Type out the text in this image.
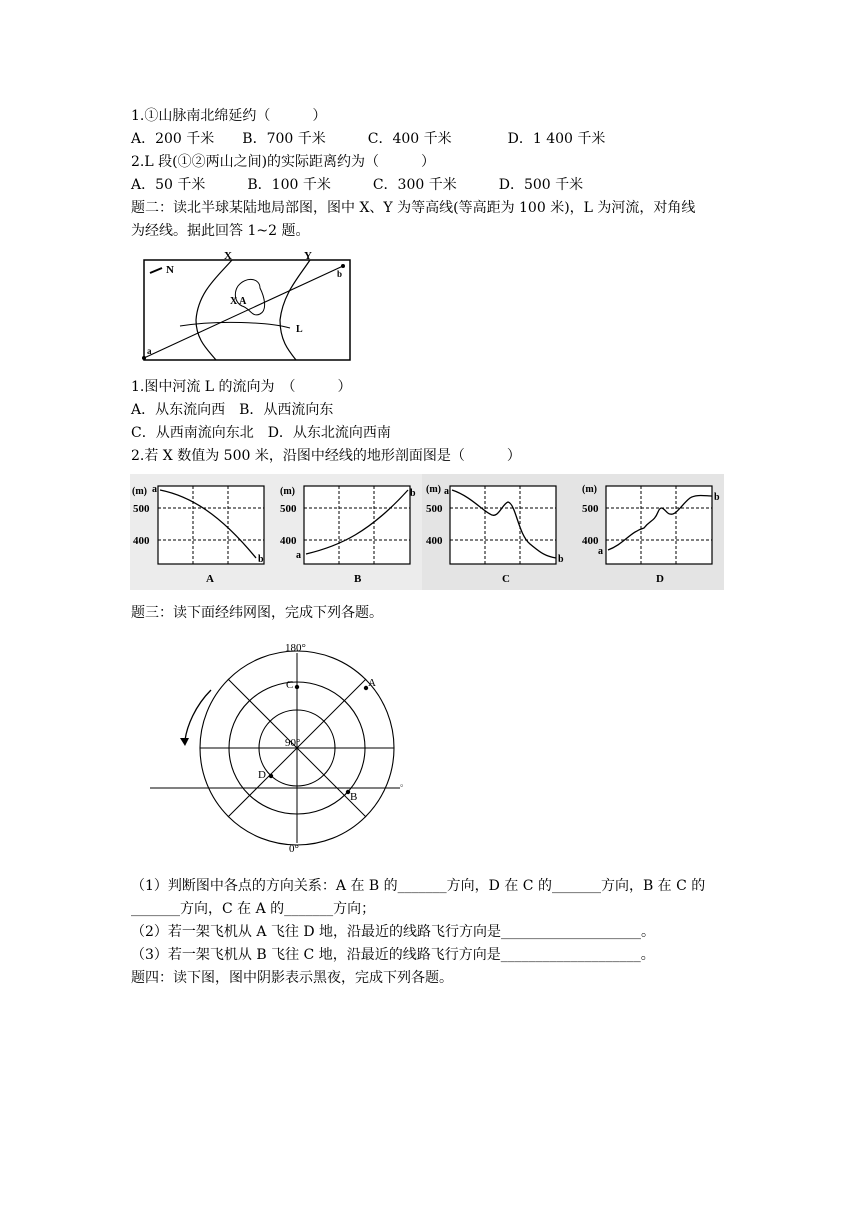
1.①山脉南北绵延约（　　　）
A．200 千米　　B．700 千米　　　C．400 千米　　　　D．1 400 千米
2.L 段(①②两山之间)的实际距离约为（　　　）
A．50 千米　　　B．100 千米　　　C．300 千米　　　D．500 千米
题二：读北半球某陆地局部图，图中 X、Y 为等高线(等高距为 100 米)，L 为河流，对角线
为经线。据此回答 1~2 题。
N
X	Y
X A
L
a
b
1.图中河流 L 的流向为　（　　　）
A．从东流向西　B．从西流向东
C．从西南流向东北　D．从东北流向西南
2.若 X 数值为 500 米，沿图中经线的地形剖面图是（　　　）
(m) a
500
400
b
A
(m)
500
400
a
b
B
(m) a
500
400
b
C
(m)
500
400
a
b
D
题三：读下面经纬网图，完成下列各题。
180°
0°
90°
A
B
C
D
。
（1）判断图中各点的方向关系：A 在 B 的_______方向，D 在 C 的_______方向，B 在 C 的
_______方向，C 在 A 的_______方向；
（2）若一架飞机从 A 飞往 D 地，沿最近的线路飞行方向是____________________。
（3）若一架飞机从 B 飞往 C 地，沿最近的线路飞行方向是____________________。
题四：读下图，图中阴影表示黑夜，完成下列各题。
